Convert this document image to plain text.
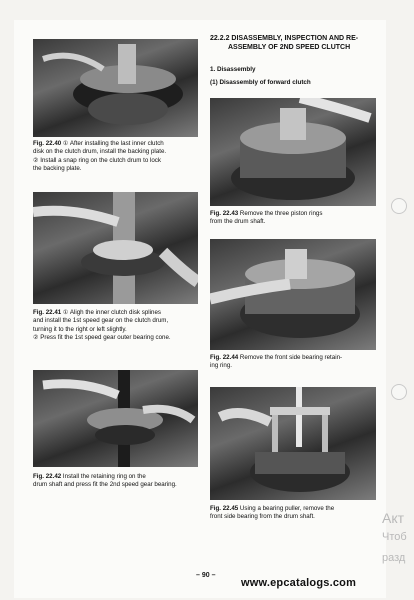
Fig. 22.40 ① After installing the last inner clutch
disk on the clutch drum, install the backing plate.
② Install a snap ring on the clutch drum to lock
the backing plate.

Fig. 22.41 ① Aligh the inner clutch disk splines
and install the 1st speed gear on the clutch drum,
turning it to the right or left slightly.
② Press fit the 1st speed gear outer bearing cone.

Fig. 22.42 Install the retaining ring on the
drum shaft and press fit the 2nd speed gear bearing.

22.2.2 DISASSEMBLY, INSPECTION AND RE-
ASSEMBLY OF 2ND SPEED CLUTCH

1. Disassembly

(1) Disassembly of forward clutch

Fig. 22.43 Remove the three piston rings
from the drum shaft.

Fig. 22.44 Remove the front side bearing retain-
ing ring.

Fig. 22.45 Using a bearing puller, remove the
front side bearing from the drum shaft.	Акт
Чтоб
разд
– 90 –
www.epcatalogs.com
